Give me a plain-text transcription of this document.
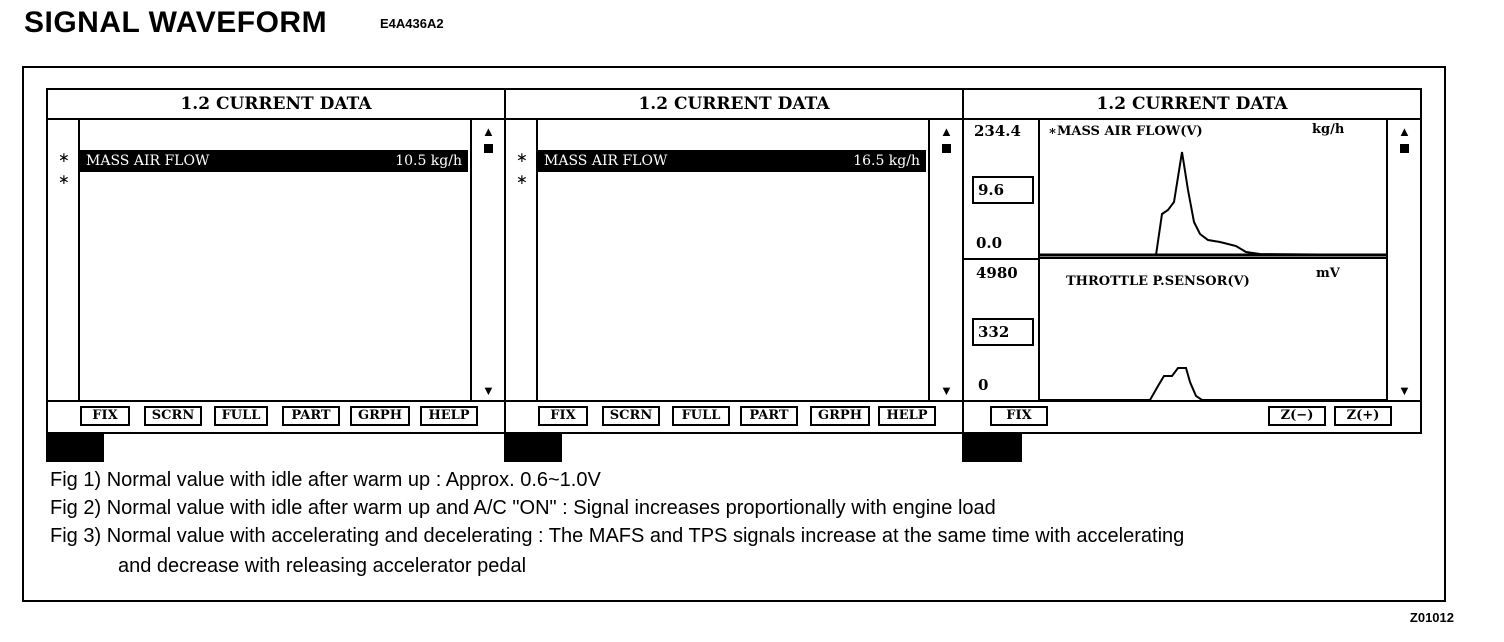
SIGNAL WAVEFORM	E4A436A2
1.2 CURRENT DATA
∗
∗
MASS AIR FLOW	10.5 kg/h
▲
▼
FIX	SCRN	FULL	PART	GRPH	HELP
1.2 CURRENT DATA
∗
∗
MASS AIR FLOW	16.5 kg/h
▲
▼
FIX	SCRN	FULL	PART	GRPH	HELP
1.2 CURRENT DATA
234.4
9.6
0.0
4980
332
0
kg/h
THROTTLE P.SENSOR(V)
mV
∗MASS AIR FLOW(V)	▲
▼
FIX	Z(−)	Z(+)
Fig 1) Normal value with idle after warm up : Approx. 0.6~1.0V
Fig 2) Normal value with idle after warm up and A/C "ON" : Signal increases proportionally with engine load
Fig 3) Normal value with accelerating and decelerating : The MAFS and TPS signals increase at the same time with accelerating
and decrease with releasing accelerator pedal
Z01012
